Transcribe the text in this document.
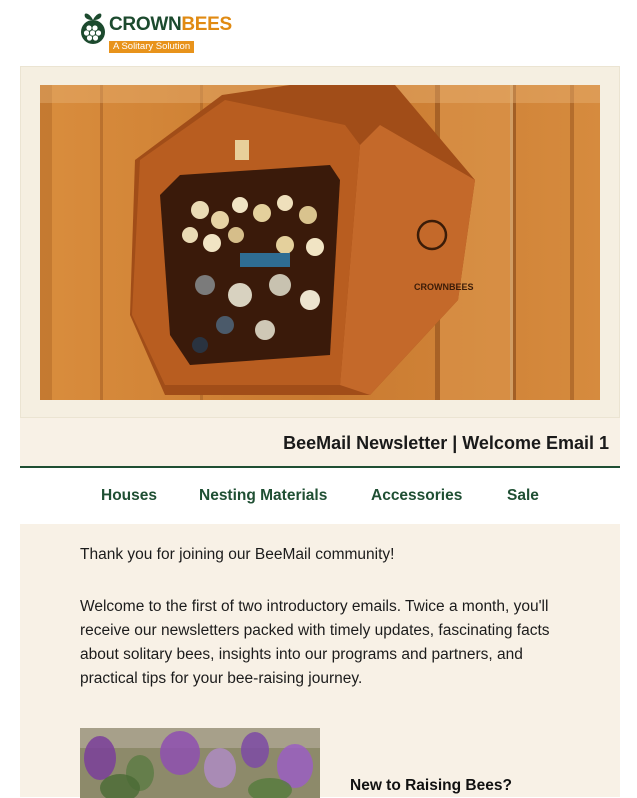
CROWNBEES
A Solitary Solution
CROWNBEES
BeeMail Newsletter | Welcome Email 1
Houses	Nesting Materials	Accessories	Sale
Thank you for joining our BeeMail community!
Welcome to the first of two introductory emails. Twice a month, you'll receive our newsletters packed with timely updates, fascinating facts about solitary bees, insights into our programs and partners, and practical tips for your bee-raising journey.
New to Raising Bees?
